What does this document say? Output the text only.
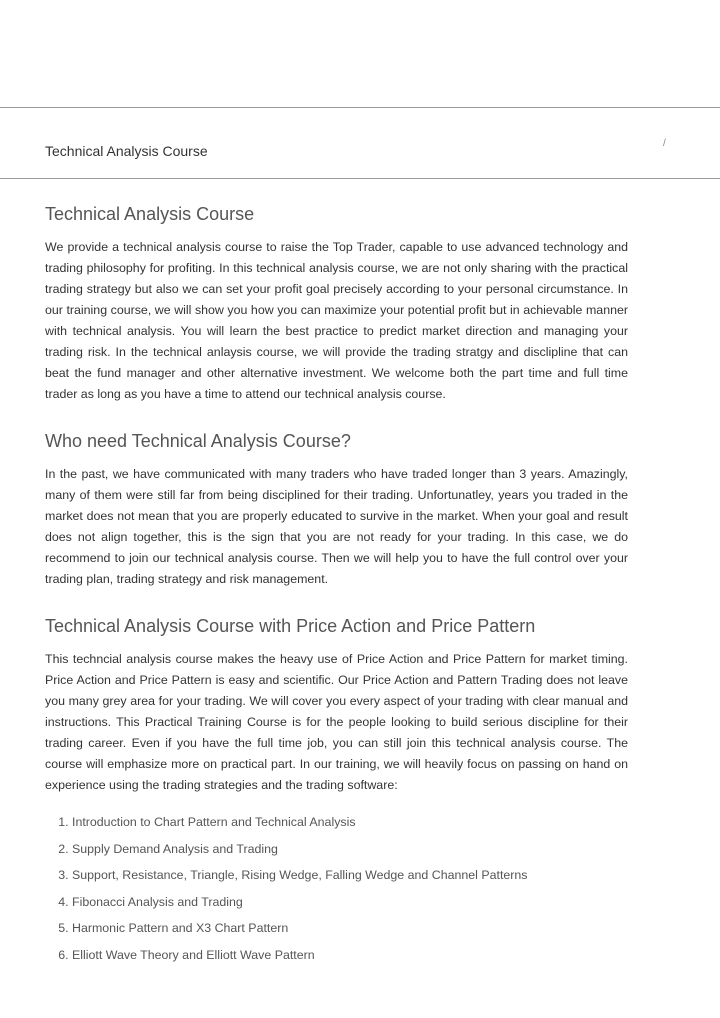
Technical Analysis Course	/
Technical Analysis Course

We provide a technical analysis course to raise the Top Trader, capable to use advanced technology and trading philosophy for profiting. In this technical analysis course, we are not only sharing with the practical trading strategy but also we can set your profit goal precisely according to your personal circumstance. In our training course, we will show you how you can maximize your potential profit but in achievable manner with technical analysis. You will learn the best practice to predict market direction and managing your trading risk. In the technical anlaysis course, we will provide the trading stratgy and disclipline that can beat the fund manager and other alternative investment. We welcome both the part time and full time trader as long as you have a time to attend our technical analysis course.

Who need Technical Analysis Course?

In the past, we have communicated with many traders who have traded longer than 3 years. Amazingly, many of them were still far from being disciplined for their trading. Unfortunatley, years you traded in the market does not mean that you are properly educated to survive in the market. When your goal and result does not align together, this is the sign that you are not ready for your trading. In this case, we do recommend to join our technical analysis course. Then we will help you to have the full control over your trading plan, trading strategy and risk management.

Technical Analysis Course with Price Action and Price Pattern

This techncial analysis course makes the heavy use of Price Action and Price Pattern for market timing. Price Action and Price Pattern is easy and scientific. Our Price Action and Pattern Trading does not leave you many grey area for your trading. We will cover you every aspect of your trading with clear manual and instructions. This Practical Training Course is for the people looking to build serious discipline for their trading career. Even if you have the full time job, you can still join this technical analysis course. The course will emphasize more on practical part. In our training, we will heavily focus on passing on hand on experience using the trading strategies and the trading software:

1. Introduction to Chart Pattern and Technical Analysis
2. Supply Demand Analysis and Trading
3. Support, Resistance, Triangle, Rising Wedge, Falling Wedge and Channel Patterns
4. Fibonacci Analysis and Trading
5. Harmonic Pattern and X3 Chart Pattern
6. Elliott Wave Theory and Elliott Wave Pattern
